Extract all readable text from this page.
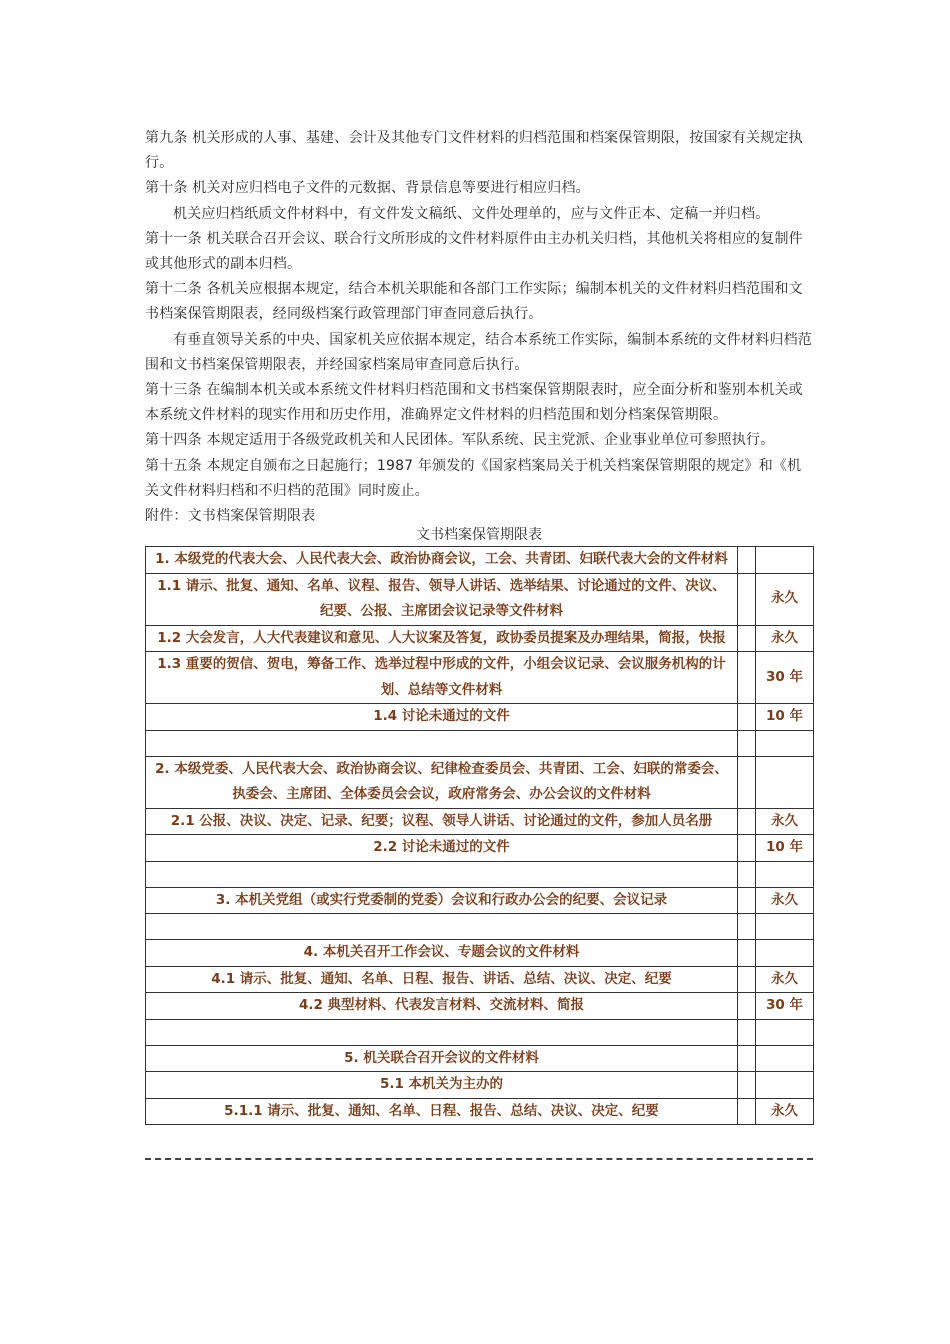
第九条 机关形成的人事、基建、会计及其他专门文件材料的归档范围和档案保管期限，按国家有关规定执行。

第十条 机关对应归档电子文件的元数据、背景信息等要进行相应归档。

机关应归档纸质文件材料中，有文件发文稿纸、文件处理单的，应与文件正本、定稿一并归档。

第十一条 机关联合召开会议、联合行文所形成的文件材料原件由主办机关归档，其他机关将相应的复制件或其他形式的副本归档。

第十二条 各机关应根据本规定，结合本机关职能和各部门工作实际；编制本机关的文件材料归档范围和文书档案保管期限表，经同级档案行政管理部门审查同意后执行。

有垂直领导关系的中央、国家机关应依据本规定，结合本系统工作实际，编制本系统的文件材料归档范围和文书档案保管期限表，并经国家档案局审查同意后执行。

第十三条 在编制本机关或本系统文件材料归档范围和文书档案保管期限表时，应全面分析和鉴别本机关或本系统文件材料的现实作用和历史作用，准确界定文件材料的归档范围和划分档案保管期限。

第十四条 本规定适用于各级党政机关和人民团体。军队系统、民主党派、企业事业单位可参照执行。

第十五条 本规定自颁布之日起施行；1987 年颁发的《国家档案局关于机关档案保管期限的规定》和《机关文件材料归档和不归档的范围》同时废止。

附件：文书档案保管期限表

文书档案保管期限表
1. 本级党的代表大会、人民代表大会、政治协商会议，工会、共青团、妇联代表大会的文件材料		
1.1 请示、批复、通知、名单、议程、报告、领导人讲话、选举结果、讨论通过的文件、决议、纪要、公报、主席团会议记录等文件材料		永久
1.2 大会发言，人大代表建议和意见、人大议案及答复，政协委员提案及办理结果，简报，快报		永久
1.3 重要的贺信、贺电，筹备工作、选举过程中形成的文件，小组会议记录、会议服务机构的计划、总结等文件材料		30 年
1.4 讨论未通过的文件		10 年

2. 本级党委、人民代表大会、政治协商会议、纪律检查委员会、共青团、工会、妇联的常委会、执委会、主席团、全体委员会会议，政府常务会、办公会议的文件材料		
2.1 公报、决议、决定、记录、纪要；议程、领导人讲话、讨论通过的文件，参加人员名册		永久
2.2 讨论未通过的文件		10 年

3. 本机关党组（或实行党委制的党委）会议和行政办公会的纪要、会议记录		永久

4. 本机关召开工作会议、专题会议的文件材料		
4.1 请示、批复、通知、名单、日程、报告、讲话、总结、决议、决定、纪要		永久
4.2 典型材料、代表发言材料、交流材料、简报		30 年

5. 机关联合召开会议的文件材料		
5.1 本机关为主办的		
5.1.1 请示、批复、通知、名单、日程、报告、总结、决议、决定、纪要		永久
